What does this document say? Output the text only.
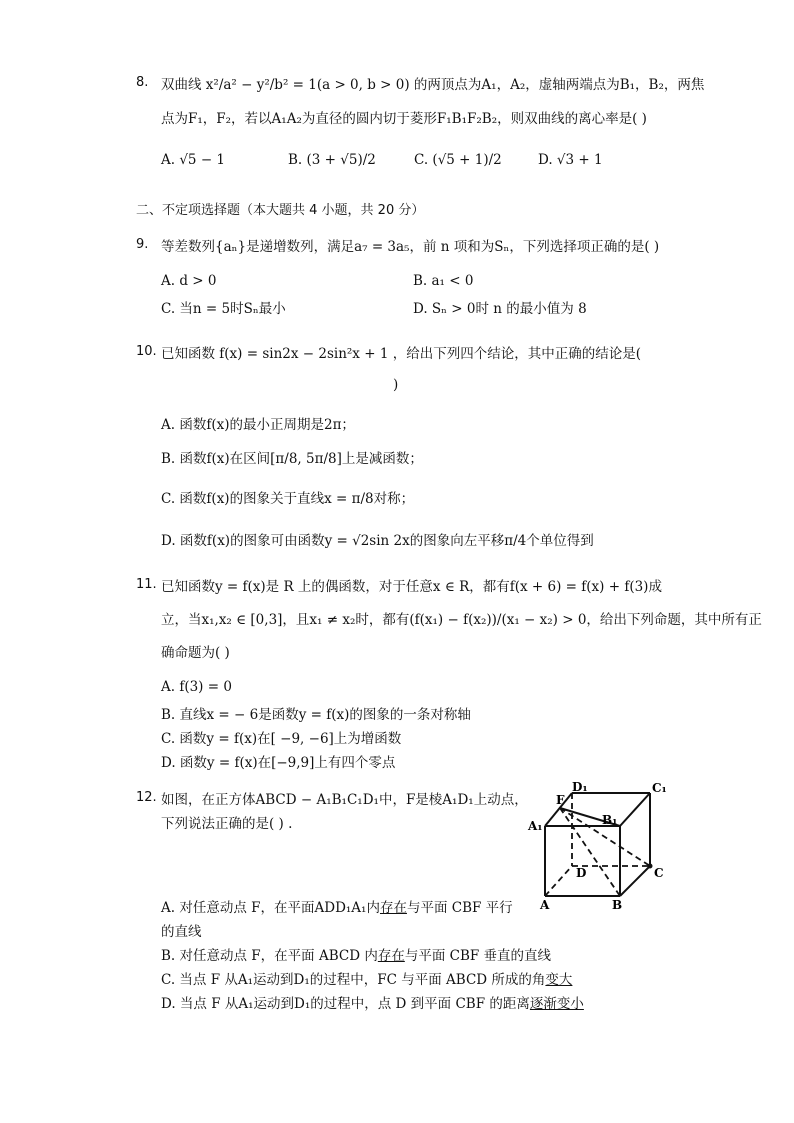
8. 双曲线 x²/a² − y²/b² = 1(a > 0, b > 0) 的两顶点为A₁，A₂，虚轴两端点为B₁，B₂，两焦
点为F₁，F₂，若以A₁A₂为直径的圆内切于菱形F₁B₁F₂B₂，则双曲线的离心率是( )
A. √5 − 1	B. (3 + √5)/2	C. (√5 + 1)/2	D. √3 + 1
二、不定项选择题（本大题共 4 小题，共 20 分）
9. 等差数列{aₙ}是递增数列，满足a₇ = 3a₅，前 n 项和为Sₙ，下列选择项正确的是( )
A. d > 0	B. a₁ < 0
C. 当n = 5时Sₙ最小	D. Sₙ > 0时 n 的最小值为 8
10. 已知函数 f(x) = sin2x − 2sin²x + 1 ，给出下列四个结论，其中正确的结论是(
)
A. 函数f(x)的最小正周期是2π；
B. 函数f(x)在区间[π/8, 5π/8]上是减函数；
C. 函数f(x)的图象关于直线x = π/8对称；
D. 函数f(x)的图象可由函数y = √2sin 2x的图象向左平移π/4个单位得到
11. 已知函数y = f(x)是 R 上的偶函数，对于任意x ∈ R，都有f(x + 6) = f(x) + f(3)成
立，当x₁,x₂ ∈ [0,3]，且x₁ ≠ x₂时，都有(f(x₁) − f(x₂))/(x₁ − x₂) > 0，给出下列命题，其中所有正
确命题为( )
A. f(3) = 0
B. 直线x = − 6是函数y = f(x)的图象的一条对称轴
C. 函数y = f(x)在[ −9, −6]上为增函数
D. 函数y = f(x)在[−9,9]上有四个零点
12. 如图，在正方体ABCD − A₁B₁C₁D₁中，F是棱A₁D₁上动点，
下列说法正确的是( ) .
A. 对任意动点 F，在平面ADD₁A₁内存在与平面 CBF 平行
的直线
B. 对任意动点 F，在平面 ABCD 内存在与平面 CBF 垂直的直线
C. 当点 F 从A₁运动到D₁的过程中，FC 与平面 ABCD 所成的角变大
D. 当点 F 从A₁运动到D₁的过程中，点 D 到平面 CBF 的距离逐渐变小
D₁	C₁
F
B₁
A₁
D	C
A	B
